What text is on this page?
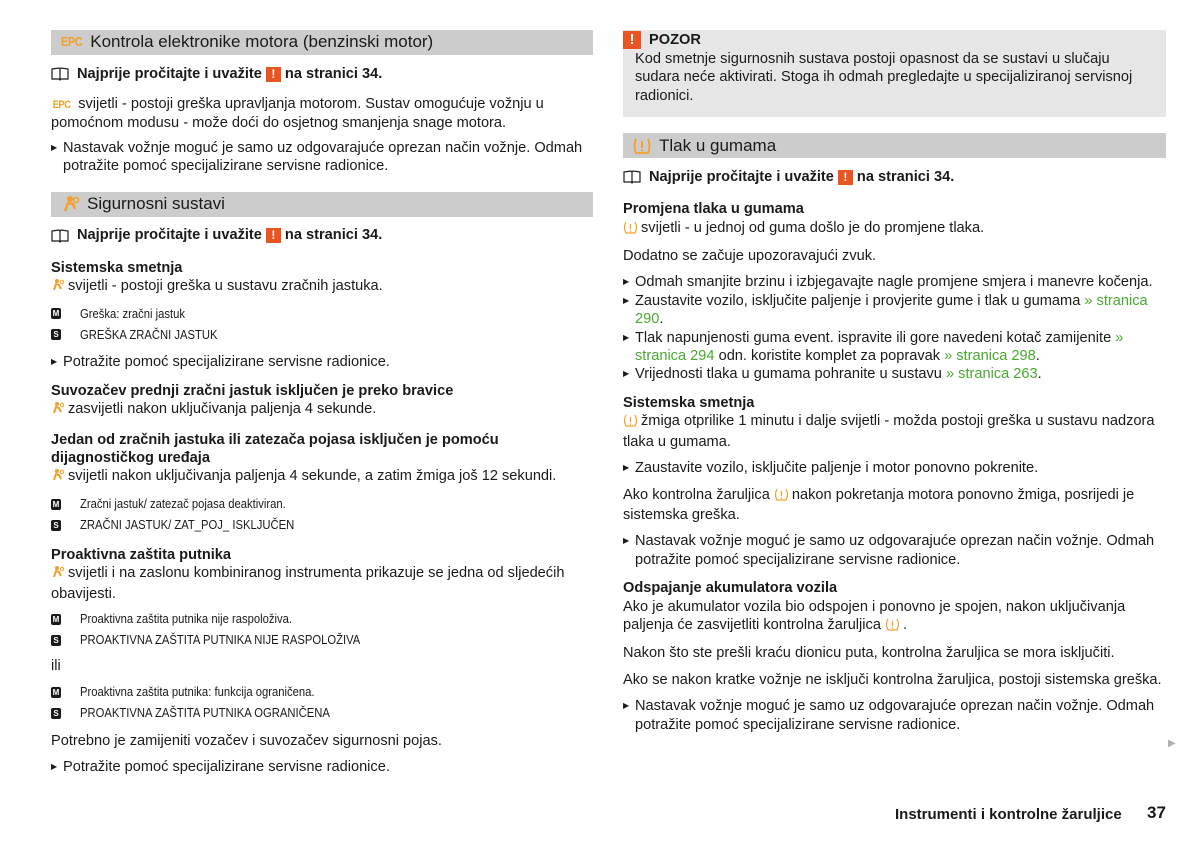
EPC Kontrola elektronike motora (benzinski motor)
Najprije pročitajte i uvažite ! na stranici 34.

EPC svijetli - postoji greška upravljanja motorom. Sustav omogućuje vožnju u pomoćnom modusu - može doći do osjetnog smanjenja snage motora.

▶ Nastavak vožnje moguć je samo uz odgovarajuće oprezan način vožnje. Odmah potražite pomoć specijalizirane servisne radionice.

Sigurnosni sustavi
Najprije pročitajte i uvažite ! na stranici 34.

Sistemska smetnja

svijetli - postoji greška u sustavu zračnih jastuka.

M Greška: zračni jastuk
S GREŠKA ZRAČNI JASTUK

▶ Potražite pomoć specijalizirane servisne radionice.

Suvozačev prednji zračni jastuk isključen je preko bravice

zasvijetli nakon uključivanja paljenja 4 sekunde.

Jedan od zračnih jastuka ili zatezača pojasa isključen je pomoću dijagnostičkog uređaja

svijetli nakon uključivanja paljenja 4 sekunde, a zatim žmiga još 12 sekundi.

M Zračni jastuk/ zatezač pojasa deaktiviran.
S ZRAČNI JASTUK/ ZAT_POJ_ ISKLJUČEN

Proaktivna zaštita putnika

svijetli i na zaslonu kombiniranog instrumenta prikazuje se jedna od sljedećih obavijesti.

M Proaktivna zaštita putnika nije raspoloživa.
S PROAKTIVNA ZAŠTITA PUTNIKA NIJE RASPOLOŽIVA

ili

M Proaktivna zaštita putnika: funkcija ograničena.
S PROAKTIVNA ZAŠTITA PUTNIKA OGRANIČENA

Potrebno je zamijeniti vozačev i suvozačev sigurnosni pojas.

▶ Potražite pomoć specijalizirane servisne radionice.

! POZOR

Kod smetnje sigurnosnih sustava postoji opasnost da se sustavi u slučaju sudara neće aktivirati. Stoga ih odmah pregledajte u specijaliziranoj servisnoj radionici.

Tlak u gumama
Najprije pročitajte i uvažite ! na stranici 34.

Promjena tlaka u gumama

svijetli - u jednoj od guma došlo je do promjene tlaka.

Dodatno se začuje upozoravajući zvuk.

▶ Odmah smanjite brzinu i izbjegavajte nagle promjene smjera i manevre kočenja.

▶ Zaustavite vozilo, isključite paljenje i provjerite gume i tlak u gumama » stranica 290.

▶ Tlak napunjenosti guma event. ispravite ili gore navedeni kotač zamijenite » stranica 294 odn. koristite komplet za popravak » stranica 298.

▶ Vrijednosti tlaka u gumama pohranite u sustavu » stranica 263.

Sistemska smetnja

žmiga otprilike 1 minutu i dalje svijetli - možda postoji greška u sustavu nadzora tlaka u gumama.

▶ Zaustavite vozilo, isključite paljenje i motor ponovno pokrenite.

Ako kontrolna žaruljica nakon pokretanja motora ponovno žmiga, posrijedi je sistemska greška.

▶ Nastavak vožnje moguć je samo uz odgovarajuće oprezan način vožnje. Odmah potražite pomoć specijalizirane servisne radionice.

Odspajanje akumulatora vozila

Ako je akumulator vozila bio odspojen i ponovno je spojen, nakon uključivanja paljenja će zasvijetliti kontrolna žaruljica .

Nakon što ste prešli kraću dionicu puta, kontrolna žaruljica se mora isključiti.

Ako se nakon kratke vožnje ne isključi kontrolna žaruljica, postoji sistemska greška.

▶ Nastavak vožnje moguć je samo uz odgovarajuće oprezan način vožnje. Odmah potražite pomoć specijalizirane servisne radionice.

▶
Instrumenti i kontrolne žaruljice 37
